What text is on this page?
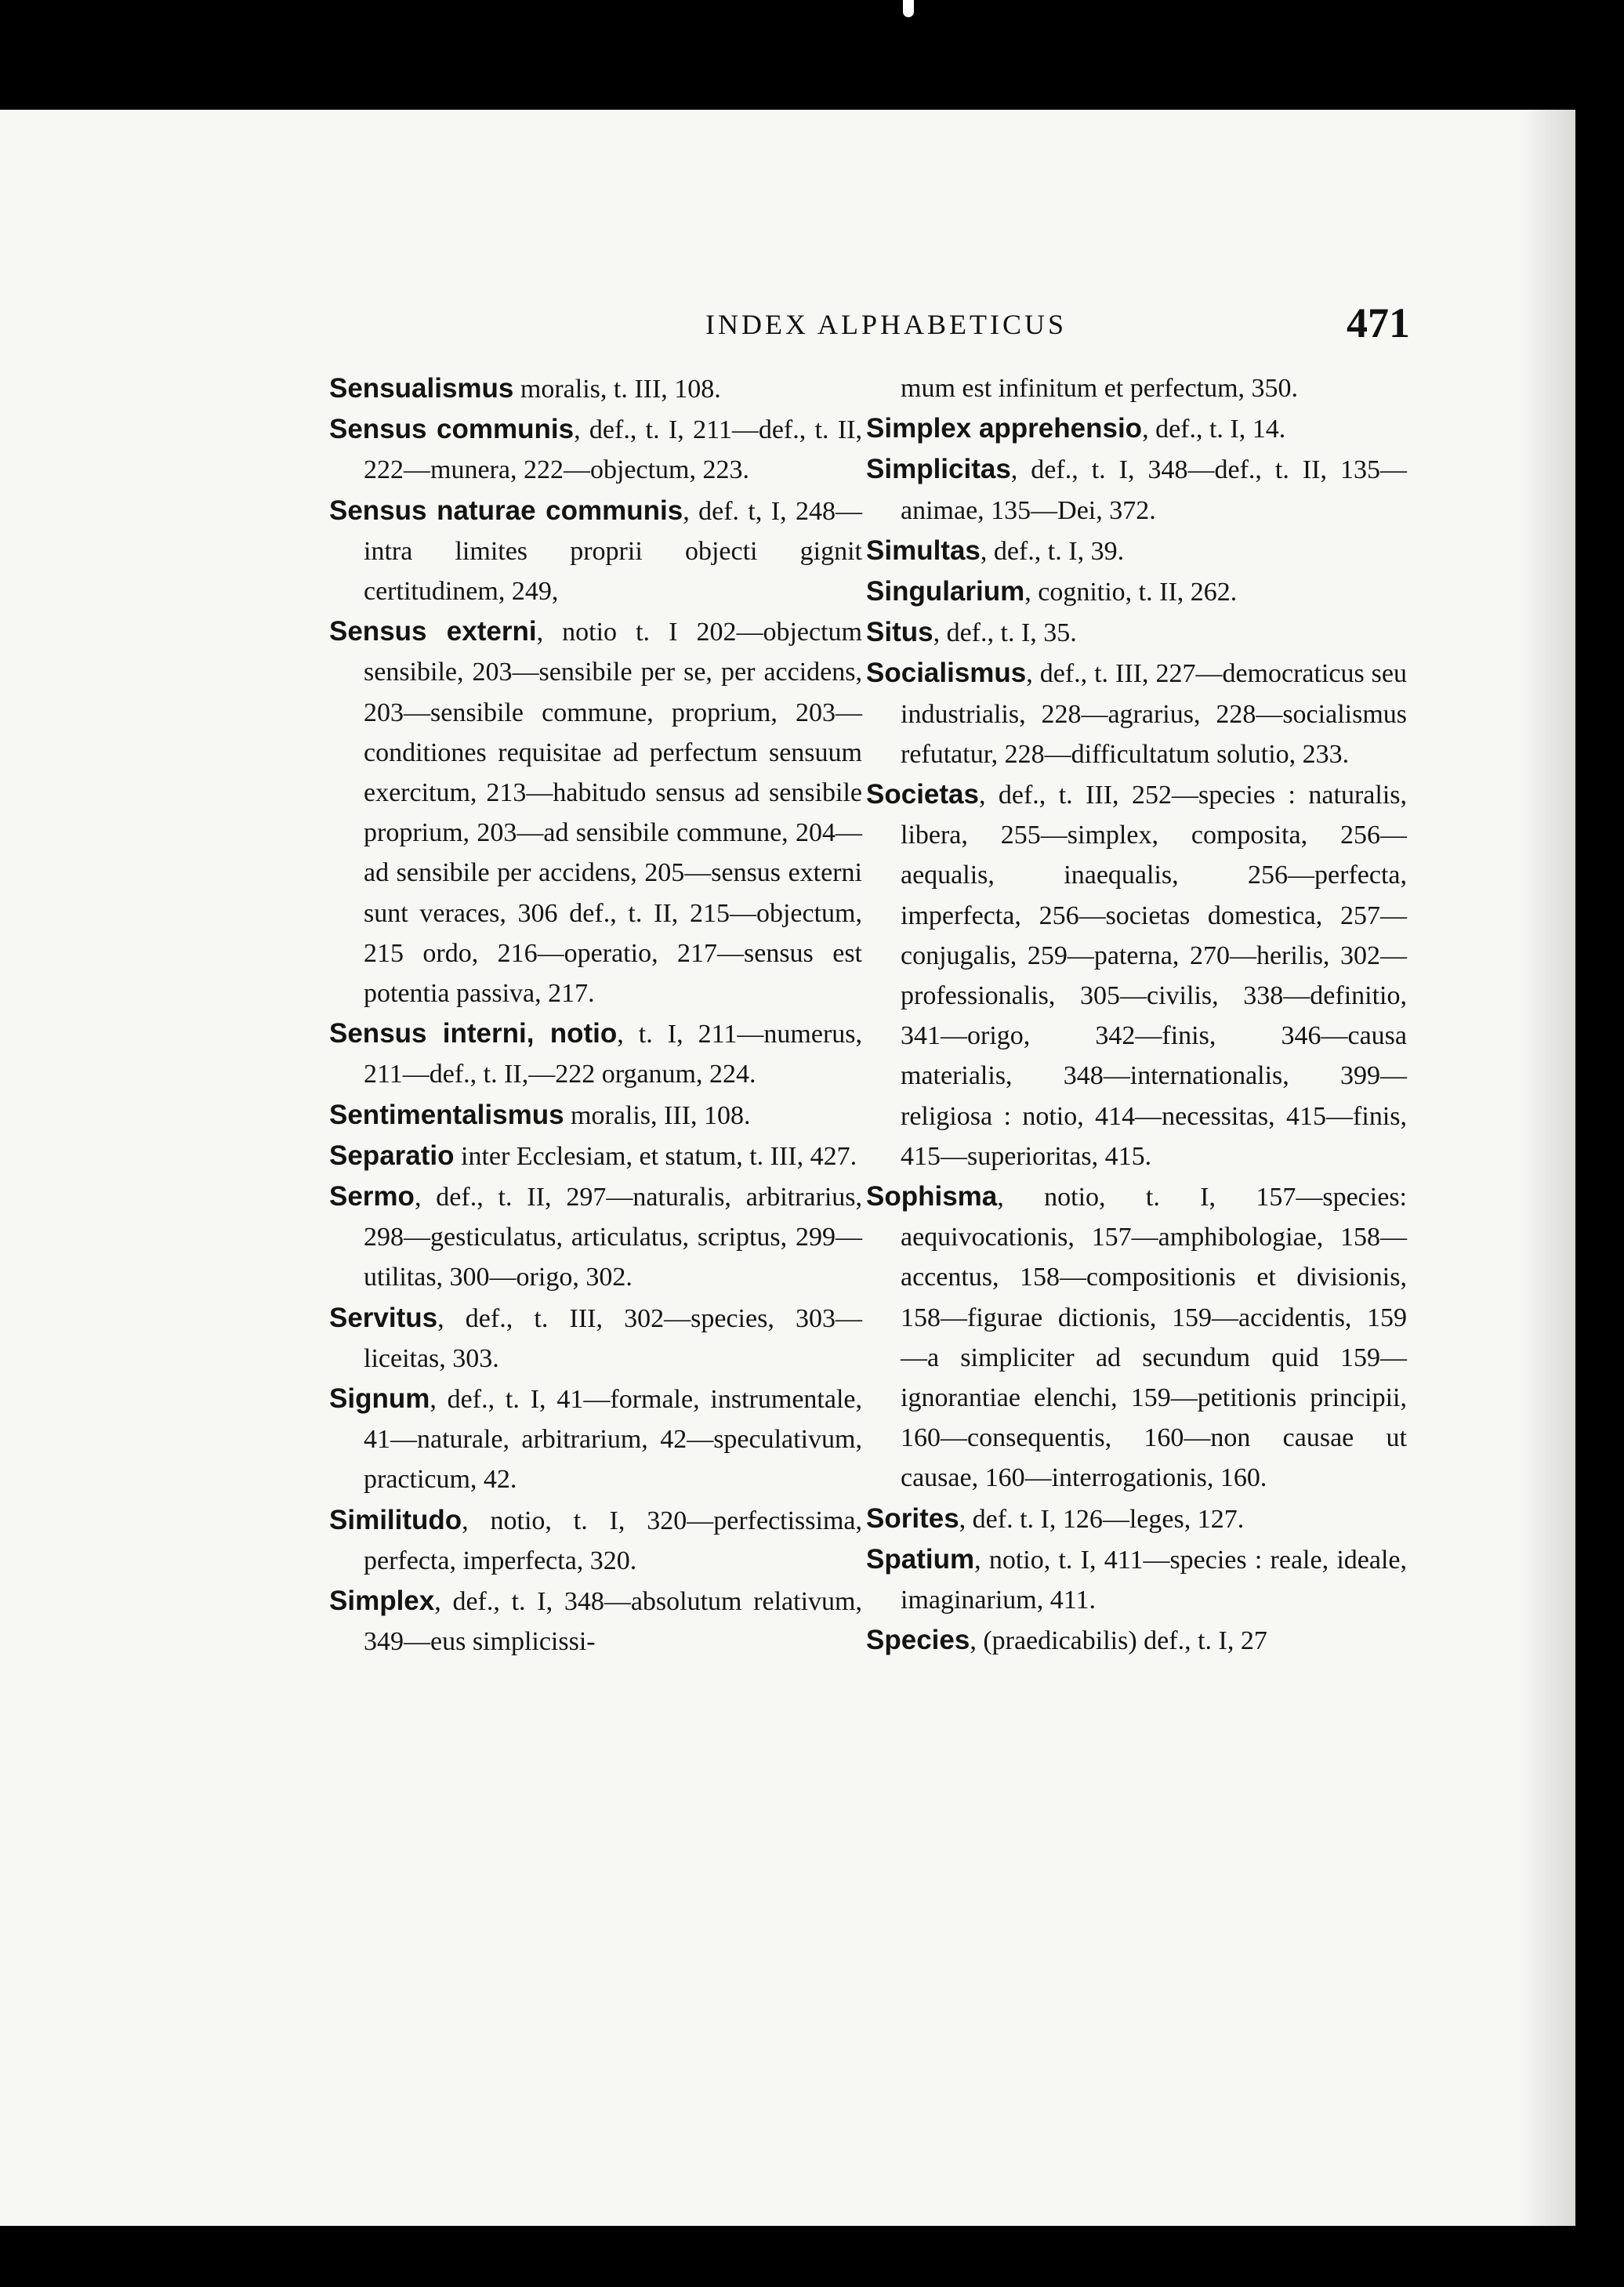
INDEX ALPHABETICUS	471

Sensualismus moralis, t. III, 108.

Sensus communis, def., t. I, 211—def., t. II, 222—munera, 222—objectum, 223.

Sensus naturae communis, def. t, I, 248—intra limites proprii objecti gignit certitudinem, 249,

Sensus externi, notio t. I 202—objectum sensibile, 203—sensibile per se, per accidens, 203—sensibile commune, proprium, 203—conditiones requisitae ad perfectum sensuum exercitum, 213—habitudo sensus ad sensibile proprium, 203—ad sensibile commune, 204—ad sensibile per accidens, 205—sensus externi sunt veraces, 306 def., t. II, 215—objectum, 215 ordo, 216—operatio, 217—sensus est potentia passiva, 217.

Sensus interni, notio, t. I, 211—numerus, 211—def., t. II,—222 organum, 224.

Sentimentalismus moralis, III, 108.

Separatio inter Ecclesiam, et statum, t. III, 427.

Sermo, def., t. II, 297—naturalis, arbitrarius, 298—gesticulatus, articulatus, scriptus, 299—utilitas, 300—origo, 302.

Servitus, def., t. III, 302—species, 303—liceitas, 303.

Signum, def., t. I, 41—formale, instrumentale, 41—naturale, arbitrarium, 42—speculativum, practicum, 42.

Similitudo, notio, t. I, 320—perfectissima, perfecta, imperfecta, 320.

Simplex, def., t. I, 348—absolutum relativum, 349—eus simplicissi-

mum est infinitum et perfectum, 350.

Simplex apprehensio, def., t. I, 14.

Simplicitas, def., t. I, 348—def., t. II, 135—animae, 135—Dei, 372.

Simultas, def., t. I, 39.

Singularium, cognitio, t. II, 262.

Situs, def., t. I, 35.

Socialismus, def., t. III, 227—democraticus seu industrialis, 228—agrarius, 228—socialismus refutatur, 228—difficultatum solutio, 233.

Societas, def., t. III, 252—species : naturalis, libera, 255—simplex, composita, 256—aequalis, inaequalis, 256—perfecta, imperfecta, 256—societas domestica, 257—conjugalis, 259—paterna, 270—herilis, 302—professionalis, 305—civilis, 338—definitio, 341—origo, 342—finis, 346—causa materialis, 348—internationalis, 399—religiosa : notio, 414—necessitas, 415—finis, 415—superioritas, 415.

Sophisma, notio, t. I, 157—species: aequivocationis, 157—amphibologiae, 158—accentus, 158—compositionis et divisionis, 158—figurae dictionis, 159—accidentis, 159—a simpliciter ad secundum quid 159—ignorantiae elenchi, 159—petitionis principii, 160—consequentis, 160—non causae ut causae, 160—interrogationis, 160.

Sorites, def. t. I, 126—leges, 127.

Spatium, notio, t. I, 411—species : reale, ideale, imaginarium, 411.

Species, (praedicabilis) def., t. I, 27
